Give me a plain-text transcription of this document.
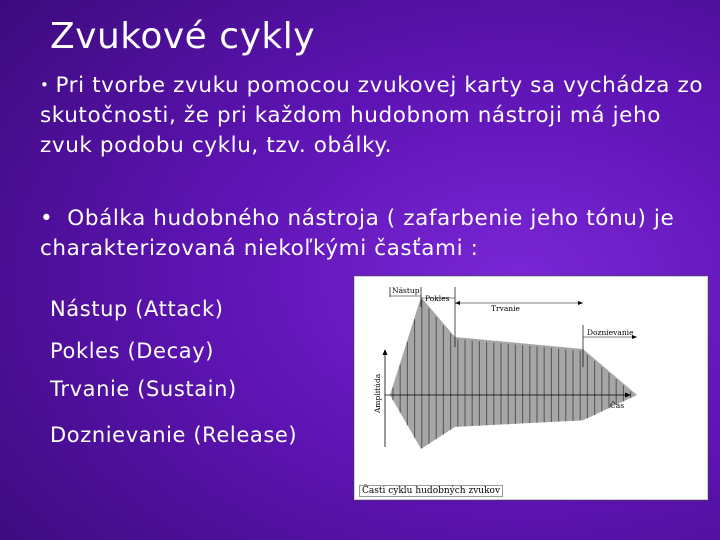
Zvukové cykly

• Pri tvorbe zvuku pomocou zvukovej karty sa vychádza zo skutočnosti, že pri každom hudobnom nástroji má jeho zvuk podobu cyklu, tzv. obálky.

• Obálka hudobného nástroja ( zafarbenie jeho tónu) je charakterizovaná niekoľkými časťami :

Nástup (Attack)
Pokles (Decay)
Trvanie (Sustain)
Doznievanie (Release)
Nástup
Pokles
Trvanie
Doznievanie
Čas
Amplitúda
Časti cyklu hudobných zvukov
